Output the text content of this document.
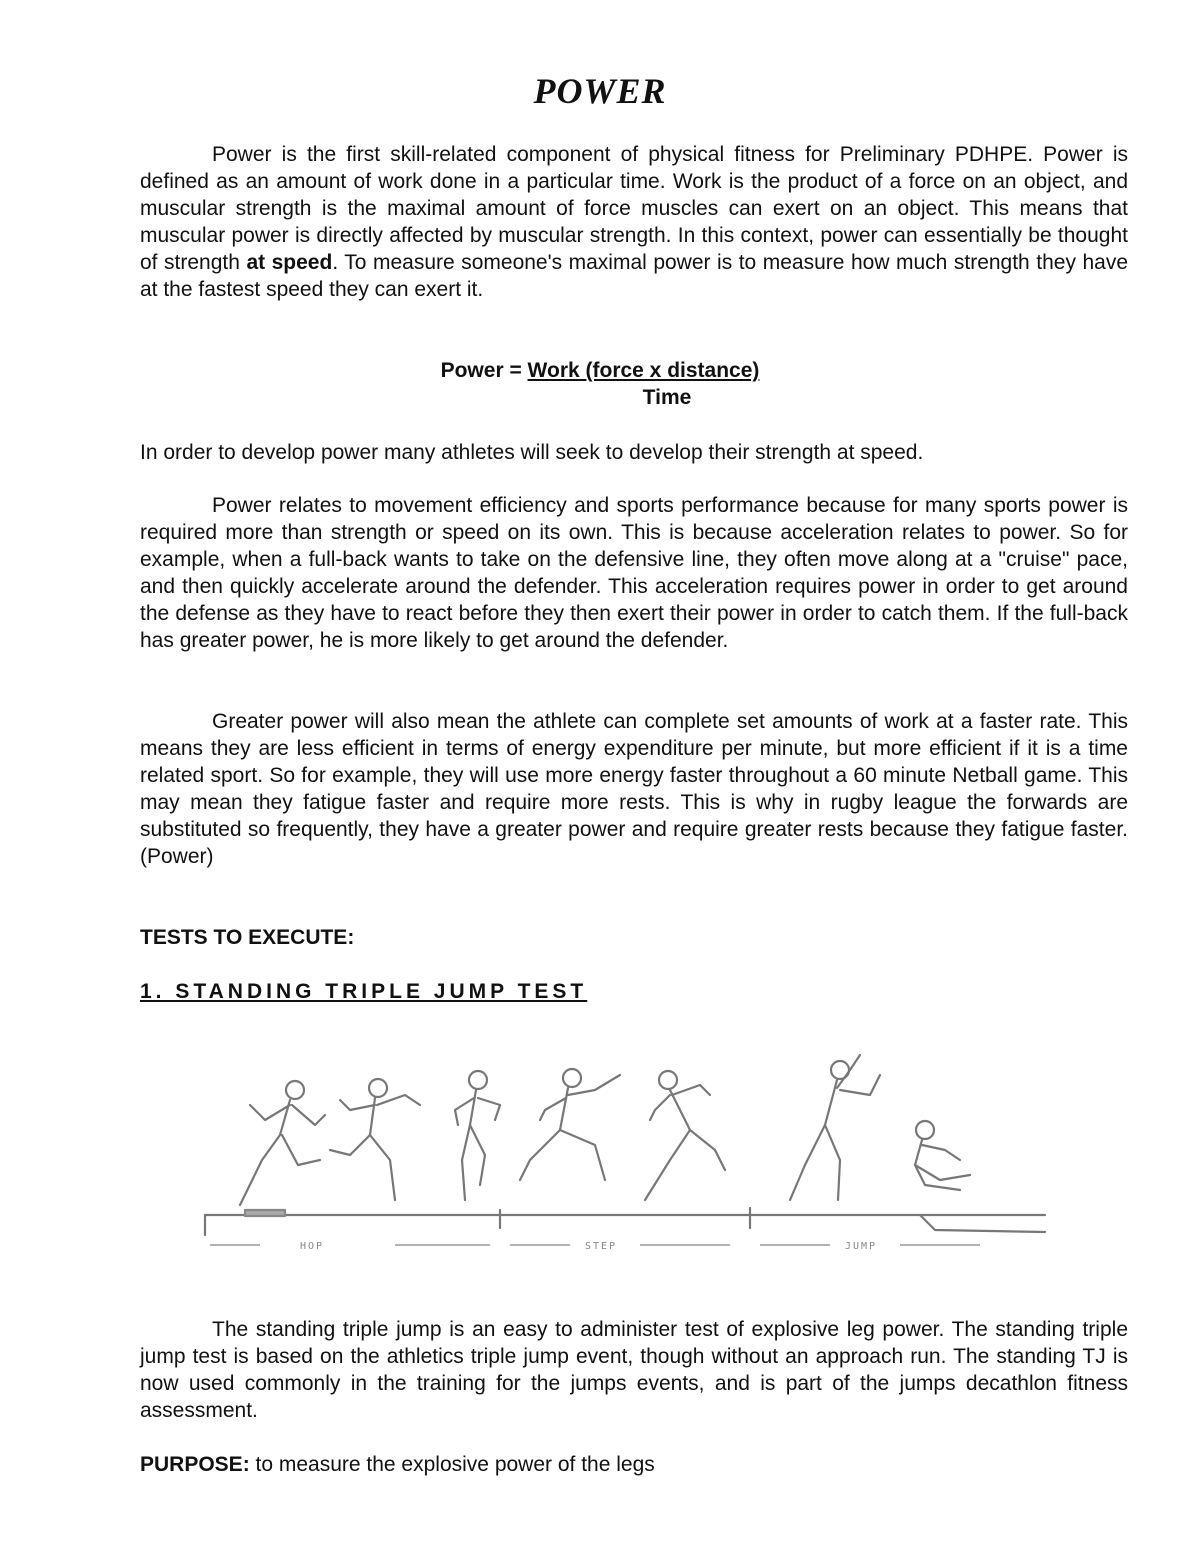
POWER

Power is the first skill-related component of physical fitness for Preliminary PDHPE. Power is defined as an amount of work done in a particular time. Work is the product of a force on an object, and muscular strength is the maximal amount of force muscles can exert on an object. This means that muscular power is directly affected by muscular strength. In this context, power can essentially be thought of strength at speed. To measure someone's maximal power is to measure how much strength they have at the fastest speed they can exert it.

Power = Work (force x distance)
Time

In order to develop power many athletes will seek to develop their strength at speed.

Power relates to movement efficiency and sports performance because for many sports power is required more than strength or speed on its own. This is because acceleration relates to power. So for example, when a full-back wants to take on the defensive line, they often move along at a "cruise" pace, and then quickly accelerate around the defender. This acceleration requires power in order to get around the defense as they have to react before they then exert their power in order to catch them. If the full-back has greater power, he is more likely to get around the defender.

Greater power will also mean the athlete can complete set amounts of work at a faster rate. This means they are less efficient in terms of energy expenditure per minute, but more efficient if it is a time related sport. So for example, they will use more energy faster throughout a 60 minute Netball game. This may mean they fatigue faster and require more rests. This is why in rugby league the forwards are substituted so frequently, they have a greater power and require greater rests because they fatigue faster. (Power)

TESTS TO EXECUTE:
1. STANDING TRIPLE JUMP TEST
HOP	STEP	JUMP

The standing triple jump is an easy to administer test of explosive leg power. The standing triple jump test is based on the athletics triple jump event, though without an approach run. The standing TJ is now used commonly in the training for the jumps events, and is part of the jumps decathlon fitness assessment.

PURPOSE: to measure the explosive power of the legs
